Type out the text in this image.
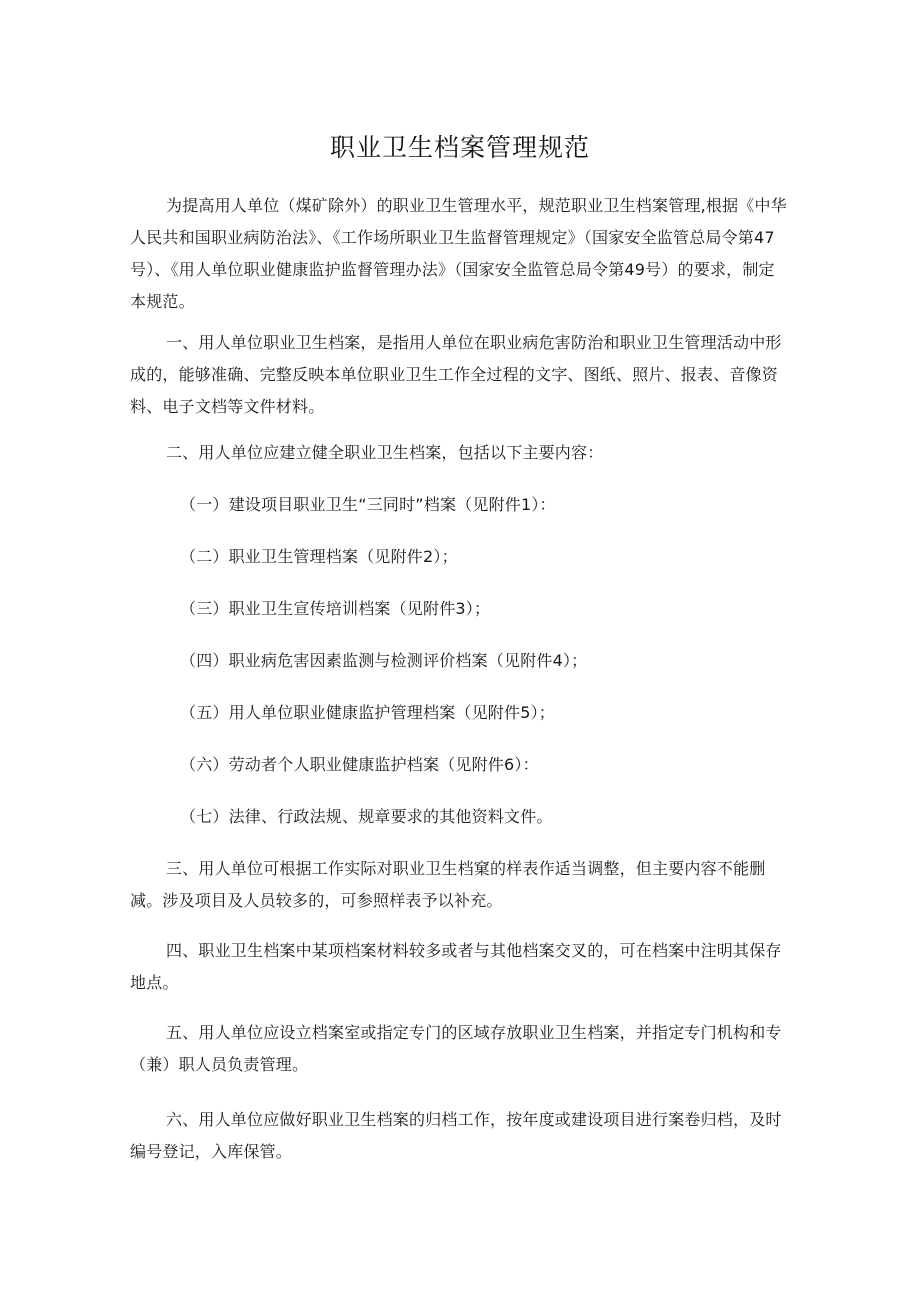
职业卫生档案管理规范
为提高用人单位（煤矿除外）的职业卫生管理水平，规范职业卫生档案管理,根据《中华人民共和国职业病防治法》、《工作场所职业卫生监督管理规定》（国家安全监管总局令第47号）、《用人单位职业健康监护监督管理办法》（国家安全监管总局令第49号）的要求，制定本规范。
一、用人单位职业卫生档案，是指用人单位在职业病危害防治和职业卫生管理活动中形成的，能够准确、完整反映本单位职业卫生工作全过程的文字、图纸、照片、报表、音像资料、电子文档等文件材料。
二、用人单位应建立健全职业卫生档案，包括以下主要内容：
（一）建设项目职业卫生“三同时”档案（见附件1）：
（二）职业卫生管理档案（见附件2）；
（三）职业卫生宣传培训档案（见附件3）；
（四）职业病危害因素监测与检测评价档案（见附件4）；
（五）用人单位职业健康监护管理档案（见附件5）；
（六）劳动者个人职业健康监护档案（见附件6）：
（七）法律、行政法规、规章要求的其他资料文件。
三、用人单位可根据工作实际对职业卫生档窠的样表作适当调整，但主要内容不能删减。涉及项目及人员较多的，可参照样表予以补充。
四、职业卫生档案中某项档案材料较多或者与其他档案交叉的，可在档案中注明其保存地点。
五、用人单位应设立档案室或指定专门的区域存放职业卫生档案，并指定专门机构和专（兼）职人员负责管理。
六、用人单位应做好职业卫生档案的归档工作，按年度或建设项目进行案卷归档，及时编号登记，入库保管。
